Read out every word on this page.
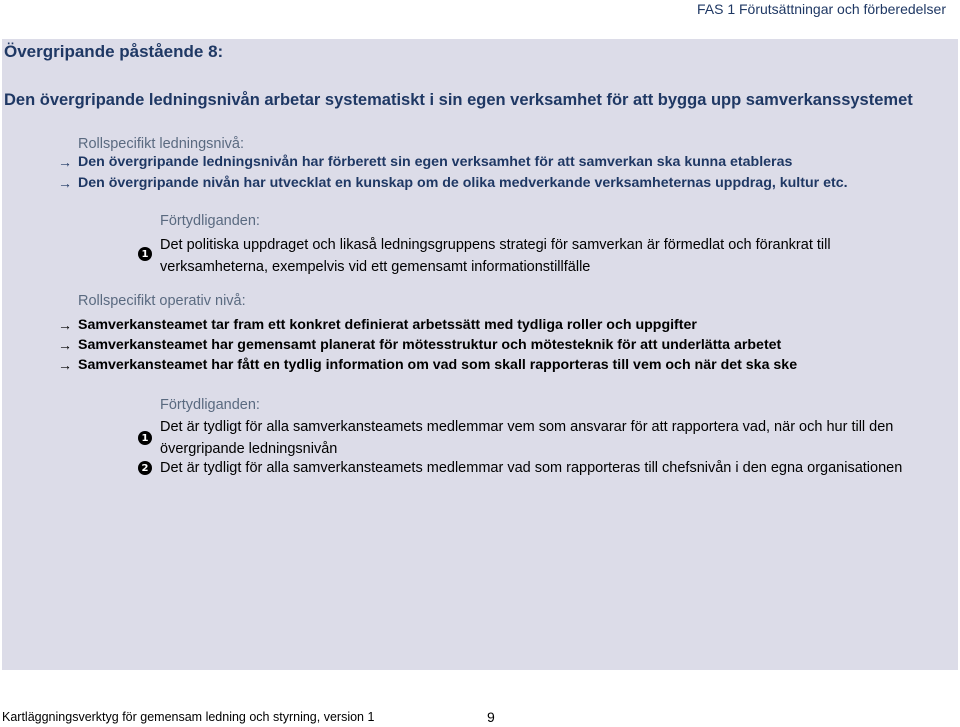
FAS 1 Förutsättningar och förberedelser
Övergripande påstående 8:
Den övergripande ledningsnivån arbetar systematiskt i sin egen verksamhet för att bygga upp samverkanssystemet
Rollspecifikt ledningsnivå:
→ Den övergripande ledningsnivån har förberett sin egen verksamhet för att samverkan ska kunna etableras
→ Den övergripande nivån har utvecklat en kunskap om de olika medverkande verksamheternas uppdrag, kultur etc.
Förtydliganden:
1
Det politiska uppdraget och likaså ledningsgruppens strategi för samverkan är förmedlat och förankrat till verksamheterna, exempelvis vid ett gemensamt informationstillfälle
Rollspecifikt operativ nivå:
→ Samverkansteamet tar fram ett konkret definierat arbetssätt med tydliga roller och uppgifter
→ Samverkansteamet har gemensamt planerat för mötesstruktur och mötesteknik för att underlätta arbetet
→ Samverkansteamet har fått en tydlig information om vad som skall rapporteras till vem och när det ska ske
Förtydliganden:
1
Det är tydligt för alla samverkansteamets medlemmar vem som ansvarar för att rapportera vad, när och hur till den övergripande ledningsnivån
2 Det är tydligt för alla samverkansteamets medlemmar vad som rapporteras till chefsnivån i den egna organisationen
Kartläggningsverktyg för gemensam ledning och styrning, version 1	9
